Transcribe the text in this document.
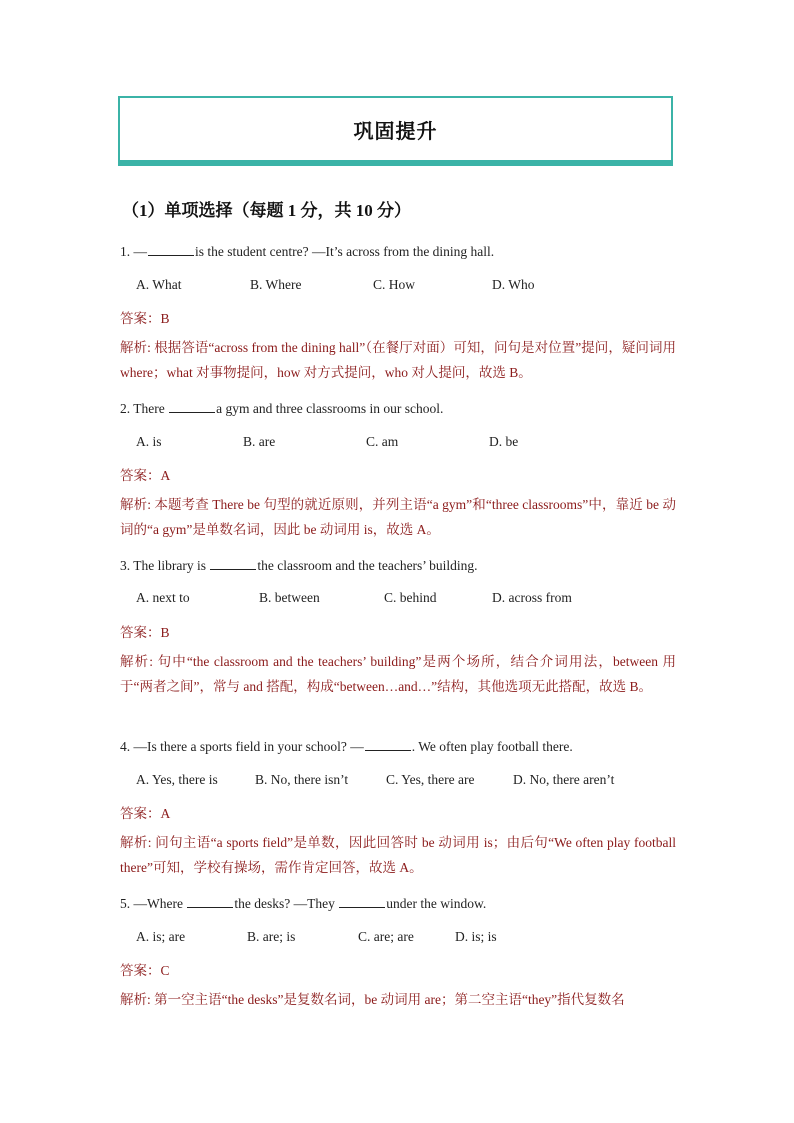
巩固提升
（1）单项选择（每题 1 分，共 10 分）
1. —	is the student centre? —It’s across from the dining hall.
A. What	B. Where	C. How	D. Who
答案：B
解析: 根据答语“across from the dining hall”（在餐厅对面）可知，问句是对位置”提问，疑问词用 where；what 对事物提问，how 对方式提问，who 对人提问，故选 B。
2. There	a gym and three classrooms in our school.
A. is	B. are	C. am	D. be
答案：A
解析: 本题考查 There be 句型的就近原则，并列主语“a gym”和“three classrooms”中，靠近 be 动词的“a gym”是单数名词，因此 be 动词用 is，故选 A。
3. The library is	the classroom and the teachers’ building.
A. next to	B. between	C. behind	D. across from
答案：B
解析: 句中“the classroom and the teachers’ building”是两个场所，结合介词用法，between 用于“两者之间”，常与 and 搭配，构成“between…and…”结构，其他选项无此搭配，故选 B。
4. —Is there a sports field in your school? —	. We often play football there.
A. Yes, there is	B. No, there isn’t	C. Yes, there are	D. No, there aren’t
答案：A
解析: 问句主语“a sports field”是单数，因此回答时 be 动词用 is；由后句“We often play football there”可知，学校有操场，需作肯定回答，故选 A。
5. —Where	the desks? —They	under the window.
A. is; are	B. are; is	C. are; are	D. is; is
答案：C
解析: 第一空主语“the desks”是复数名词，be 动词用 are；第二空主语“they”指代复数名
